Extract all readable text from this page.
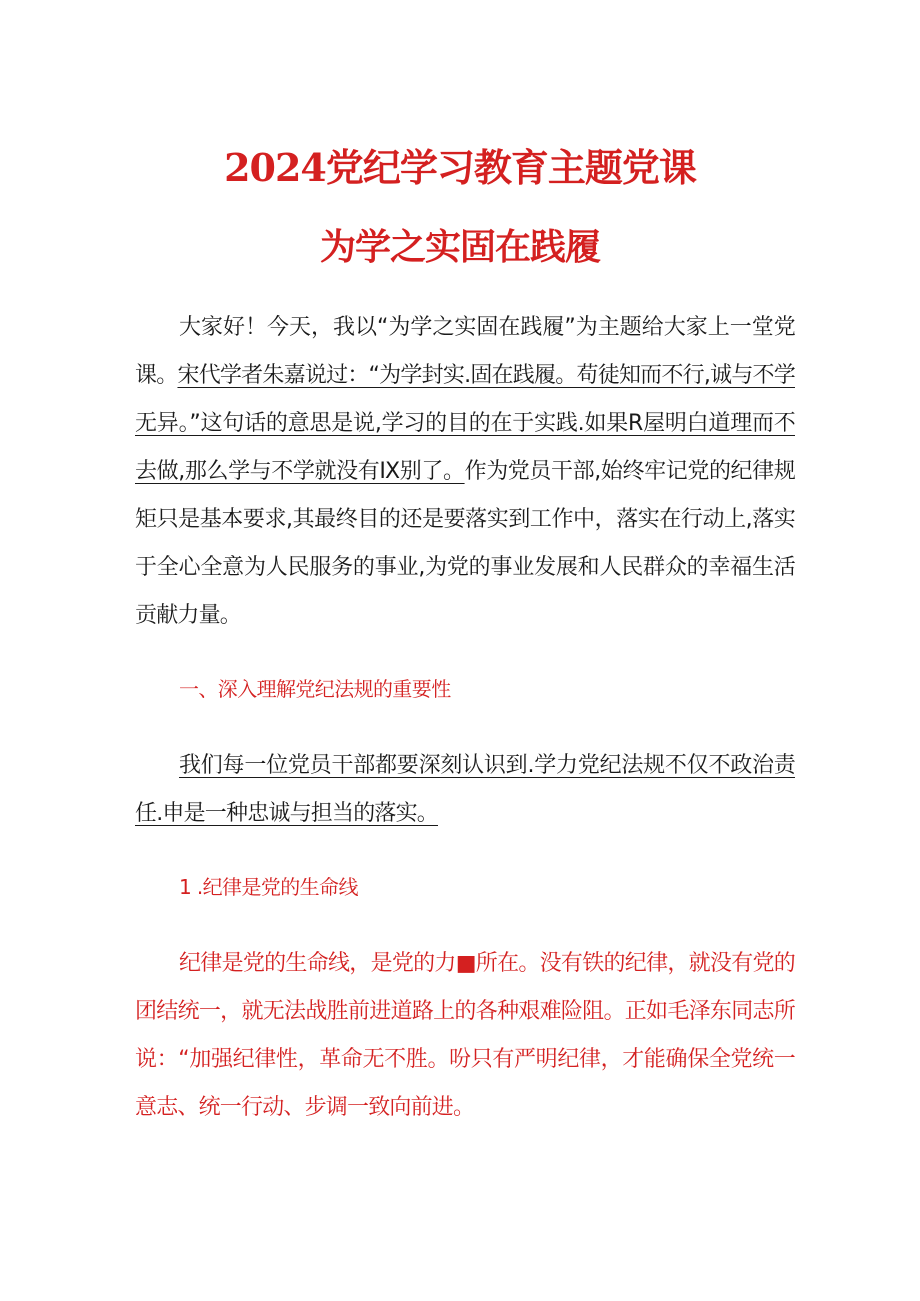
2024党纪学习教育主题党课
为学之实固在践履

大家好！今天，我以“为学之实固在践履”为主题给大家上一堂党课。宋代学者朱嘉说过：“为学封实.固在践履。苟徒知而不行,诚与不学无异。”这句话的意思是说,学习的目的在于实践.如果R屋明白道理而不去做,那么学与不学就没有IX别了。作为党员干部,始终牢记党的纪律规矩只是基本要求,其最终目的还是要落实到工作中，落实在行动上,落实于全心全意为人民服务的事业,为党的事业发展和人民群众的幸福生活贡献力量。

一、深入理解党纪法规的重要性

我们每一位党员干部都要深刻认识到.学力党纪法规不仅不政治责任.申是一种忠诚与担当的落实。

1 .纪律是党的生命线

纪律是党的生命线，是党的力■所在。没有铁的纪律，就没有党的团结统一，就无法战胜前进道路上的各种艰难险阻。正如毛泽东同志所说：“加强纪律性，革命无不胜。吩只有严明纪律，才能确保全党统一意志、统一行动、步调一致向前进。
